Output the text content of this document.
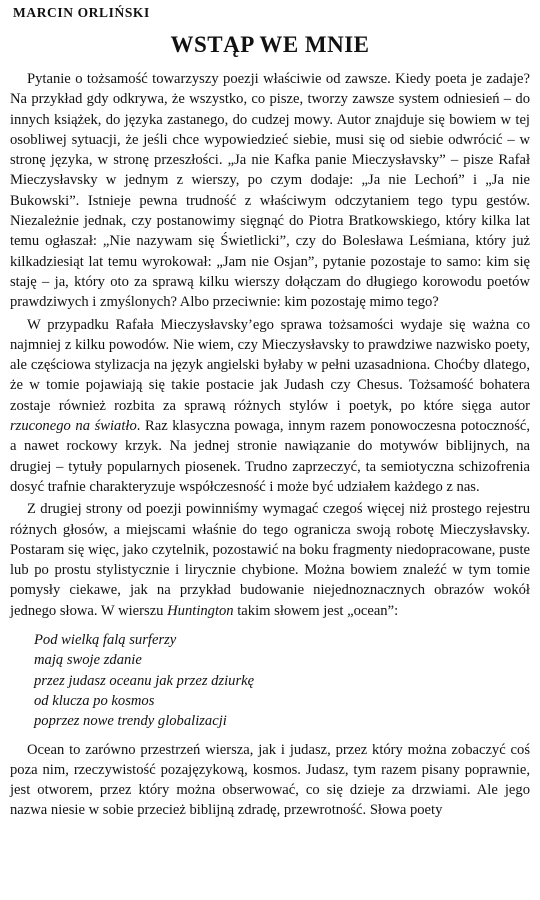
MARCIN ORLIŃSKI
WSTĄP WE MNIE

Pytanie o tożsamość towarzyszy poezji właściwie od zawsze. Kiedy poeta je zadaje? Na przykład gdy odkrywa, że wszystko, co pisze, tworzy zawsze system odniesień – do innych książek, do języka zastanego, do cudzej mowy. Autor znajduje się bowiem w tej osobliwej sytuacji, że jeśli chce wypowiedzieć siebie, musi się od siebie odwrócić – w stronę języka, w stronę przeszłości. „Ja nie Kafka panie Mieczysłavsky” – pisze Rafał Mieczysłavsky w jednym z wierszy, po czym dodaje: „Ja nie Lechoń” i „Ja nie Bukowski”. Istnieje pewna trudność z właściwym odczytaniem tego typu gestów. Niezależnie jednak, czy postanowimy sięgnąć do Piotra Bratkowskiego, który kilka lat temu ogłaszał: „Nie nazywam się Świetlicki”, czy do Bolesława Leśmiana, który już kilkadziesiąt lat temu wyrokował: „Jam nie Osjan”, pytanie pozostaje to samo: kim się staję – ja, który oto za sprawą kilku wierszy dołączam do długiego korowodu poetów prawdziwych i zmyślonych? Albo przeciwnie: kim pozostaję mimo tego?

W przypadku Rafała Mieczysłavsky’ego sprawa tożsamości wydaje się ważna co najmniej z kilku powodów. Nie wiem, czy Mieczysłavsky to prawdziwe nazwisko poety, ale częściowa stylizacja na język angielski byłaby w pełni uzasadniona. Choćby dlatego, że w tomie pojawiają się takie postacie jak Judash czy Chesus. Tożsamość bohatera zostaje również rozbita za sprawą różnych stylów i poetyk, po które sięga autor rzuconego na światło. Raz klasyczna powaga, innym razem ponowoczesna potoczność, a nawet rockowy krzyk. Na jednej stronie nawiązanie do motywów biblijnych, na drugiej – tytuły popularnych piosenek. Trudno zaprzeczyć, ta semiotyczna schizofrenia dosyć trafnie charakteryzuje współczesność i może być udziałem każdego z nas.

Z drugiej strony od poezji powinniśmy wymagać czegoś więcej niż prostego rejestru różnych głosów, a miejscami właśnie do tego ogranicza swoją robotę Mieczysłavsky. Postaram się więc, jako czytelnik, pozostawić na boku fragmenty niedopracowane, puste lub po prostu stylistycznie i lirycznie chybione. Można bowiem znaleźć w tym tomie pomysły ciekawe, jak na przykład budowanie niejednoznacznych obrazów wokół jednego słowa. W wierszu Huntington takim słowem jest „ocean”:

Pod wielką falą surferzy
mają swoje zdanie
przez judasz oceanu jak przez dziurkę
od klucza po kosmos
poprzez nowe trendy globalizacji

Ocean to zarówno przestrzeń wiersza, jak i judasz, przez który można zobaczyć coś poza nim, rzeczywistość pozajęzykową, kosmos. Judasz, tym razem pisany poprawnie, jest otworem, przez który można obserwować, co się dzieje za drzwiami. Ale jego nazwa niesie w sobie przecież biblijną zdradę, przewrotność. Słowa poety
